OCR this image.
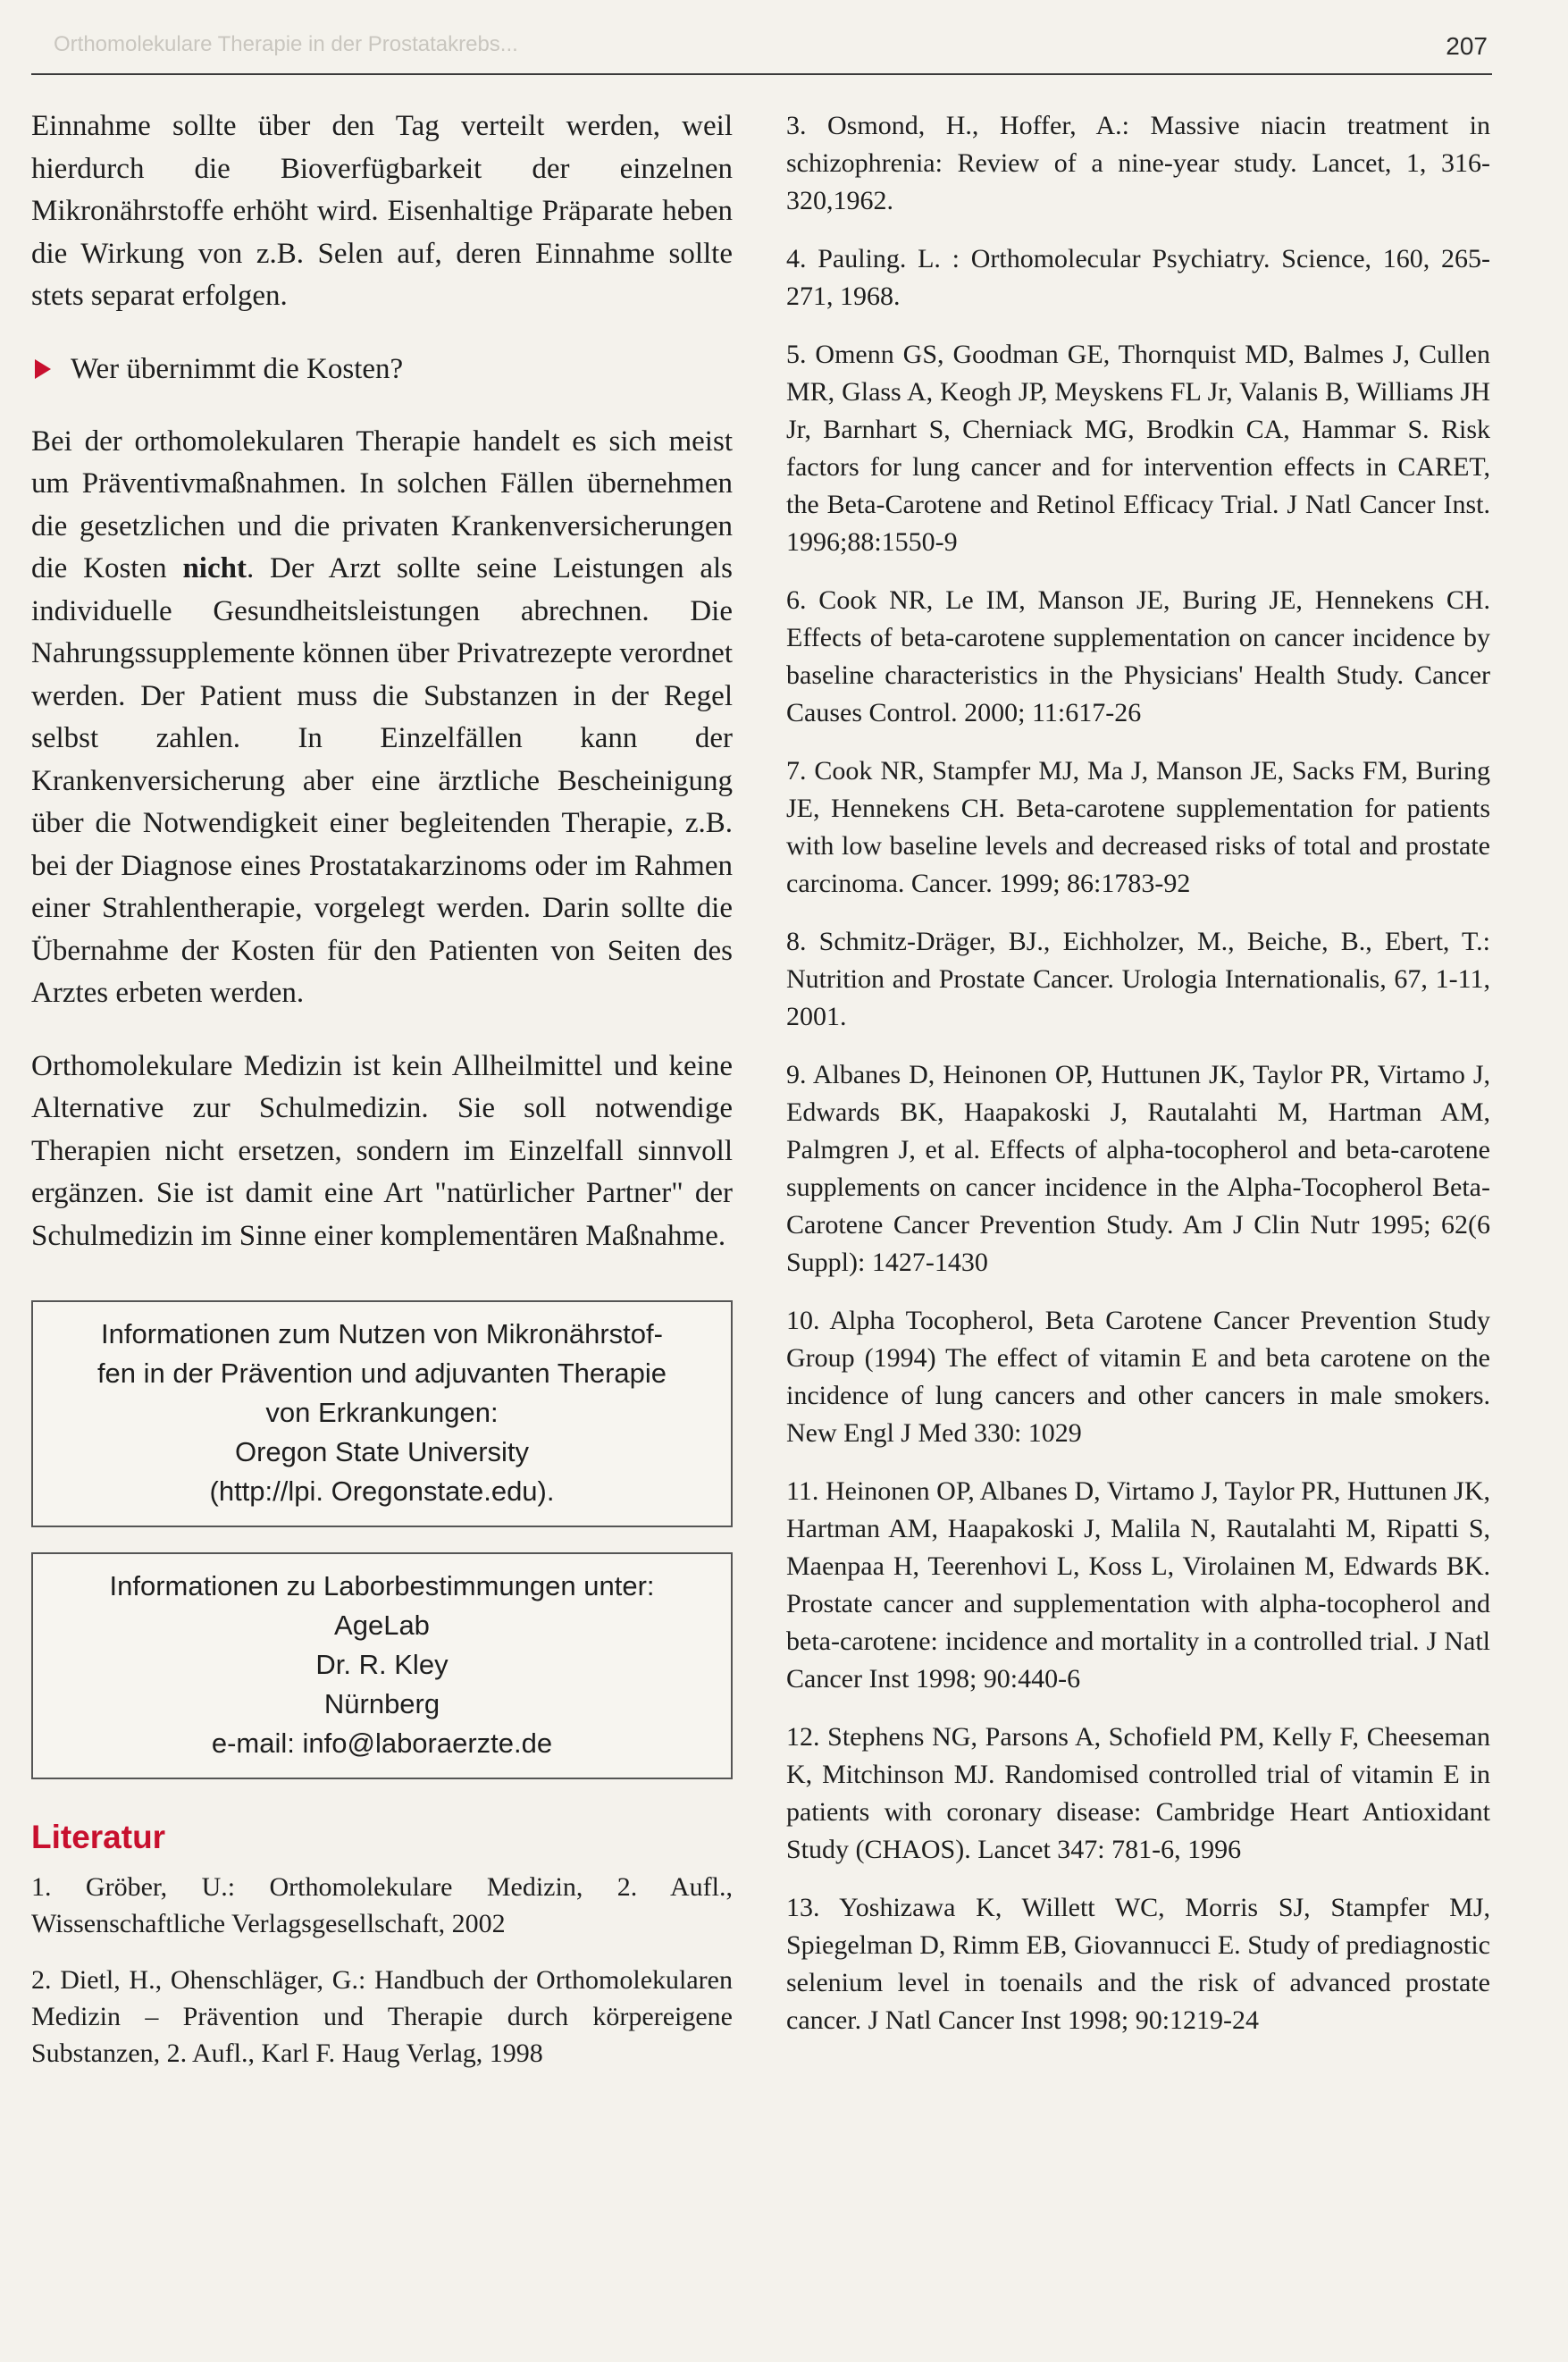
Orthomolekulare Therapie in der Prostatakrebs...	207

Einnahme sollte über den Tag verteilt werden, weil hierdurch die Bioverfügbarkeit der einzelnen Mikronährstoffe erhöht wird. Eisenhaltige Präparate heben die Wirkung von z.B. Selen auf, deren Einnahme sollte stets separat erfolgen.

Wer übernimmt die Kosten?

Bei der orthomolekularen Therapie handelt es sich meist um Präventivmaßnahmen. In solchen Fällen übernehmen die gesetzlichen und die privaten Krankenversicherungen die Kosten nicht. Der Arzt sollte seine Leistungen als individuelle Gesundheitsleistungen abrechnen. Die Nahrungssupplemente können über Privatrezepte verordnet werden. Der Patient muss die Substanzen in der Regel selbst zahlen. In Einzelfällen kann der Krankenversicherung aber eine ärztliche Bescheinigung über die Notwendigkeit einer begleitenden Therapie, z.B. bei der Diagnose eines Prostatakarzinoms oder im Rahmen einer Strahlentherapie, vorgelegt werden. Darin sollte die Übernahme der Kosten für den Patienten von Seiten des Arztes erbeten werden.

Orthomolekulare Medizin ist kein Allheilmittel und keine Alternative zur Schulmedizin. Sie soll notwendige Therapien nicht ersetzen, sondern im Einzelfall sinnvoll ergänzen. Sie ist damit eine Art "natürlicher Partner" der Schulmedizin im Sinne einer komplementären Maßnahme.

Informationen zum Nutzen von Mikronährstof-
fen in der Prävention und adjuvanten Therapie
von Erkrankungen:
Oregon State University
(http://lpi. Oregonstate.edu).
Informationen zu Laborbestimmungen unter:
AgeLab
Dr. R. Kley
Nürnberg
e-mail: info@laboraerzte.de
Literatur

1. Gröber, U.: Orthomolekulare Medizin, 2. Aufl., Wissenschaftliche Verlagsgesellschaft, 2002

2. Dietl, H., Ohenschläger, G.: Handbuch der Orthomolekularen Medizin – Prävention und Therapie durch körpereigene Substanzen, 2. Aufl., Karl F. Haug Verlag, 1998

3. Osmond, H., Hoffer, A.: Massive niacin treatment in schizophrenia: Review of a nine-year study. Lancet, 1, 316-320,1962.

4. Pauling. L. : Orthomolecular Psychiatry. Science, 160, 265-271, 1968.

5. Omenn GS, Goodman GE, Thornquist MD, Balmes J, Cullen MR, Glass A, Keogh JP, Meyskens FL Jr, Valanis B, Williams JH Jr, Barnhart S, Cherniack MG, Brodkin CA, Hammar S. Risk factors for lung cancer and for intervention effects in CARET, the Beta-Carotene and Retinol Efficacy Trial. J Natl Cancer Inst. 1996;88:1550-9

6. Cook NR, Le IM, Manson JE, Buring JE, Hennekens CH. Effects of beta-carotene supplementation on cancer incidence by baseline characteristics in the Physicians' Health Study. Cancer Causes Control. 2000; 11:617-26

7. Cook NR, Stampfer MJ, Ma J, Manson JE, Sacks FM, Buring JE, Hennekens CH. Beta-carotene supplementation for patients with low baseline levels and decreased risks of total and prostate carcinoma. Cancer. 1999; 86:1783-92

8. Schmitz-Dräger, BJ., Eichholzer, M., Beiche, B., Ebert, T.: Nutrition and Prostate Cancer. Urologia Internationalis, 67, 1-11, 2001.

9. Albanes D, Heinonen OP, Huttunen JK, Taylor PR, Virtamo J, Edwards BK, Haapakoski J, Rautalahti M, Hartman AM, Palmgren J, et al. Effects of alpha-tocopherol and beta-carotene supplements on cancer incidence in the Alpha-Tocopherol Beta-Carotene Cancer Prevention Study. Am J Clin Nutr 1995; 62(6 Suppl): 1427-1430

10. Alpha Tocopherol, Beta Carotene Cancer Prevention Study Group (1994) The effect of vitamin E and beta carotene on the incidence of lung cancers and other cancers in male smokers. New Engl J Med 330: 1029

11. Heinonen OP, Albanes D, Virtamo J, Taylor PR, Huttunen JK, Hartman AM, Haapakoski J, Malila N, Rautalahti M, Ripatti S, Maenpaa H, Teerenhovi L, Koss L, Virolainen M, Edwards BK. Prostate cancer and supplementation with alpha-tocopherol and beta-carotene: incidence and mortality in a controlled trial. J Natl Cancer Inst 1998; 90:440-6

12. Stephens NG, Parsons A, Schofield PM, Kelly F, Cheeseman K, Mitchinson MJ. Randomised controlled trial of vitamin E in patients with coronary disease: Cambridge Heart Antioxidant Study (CHAOS). Lancet 347: 781-6, 1996

13. Yoshizawa K, Willett WC, Morris SJ, Stampfer MJ, Spiegelman D, Rimm EB, Giovannucci E. Study of prediagnostic selenium level in toenails and the risk of advanced prostate cancer. J Natl Cancer Inst 1998; 90:1219-24
